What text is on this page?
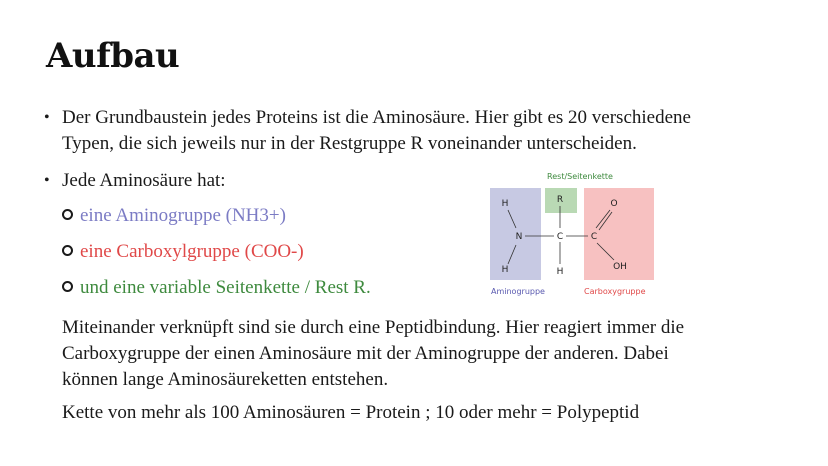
Aufbau
• Der Grundbaustein jedes Proteins ist die Aminosäure. Hier gibt es 20 verschiedene
Typen, die sich jeweils nur in der Restgruppe R voneinander unterscheiden.
• Jede Aminosäure hat:
eine Aminogruppe (NH3+)
eine Carboxylgruppe (COO-)
und eine variable Seitenkette / Rest R.
Miteinander verknüpft sind sie durch eine Peptidbindung. Hier reagiert immer die
Carboxygruppe der einen Aminosäure mit der Aminogruppe der anderen. Dabei
können lange Aminosäureketten entstehen.
Kette von mehr als 100 Aminosäuren = Protein ; 10 oder mehr = Polypeptid
Rest/Seitenkette
Aminogruppe	Carboxygruppe
H
N
H
R
C
H
C
O
OH
